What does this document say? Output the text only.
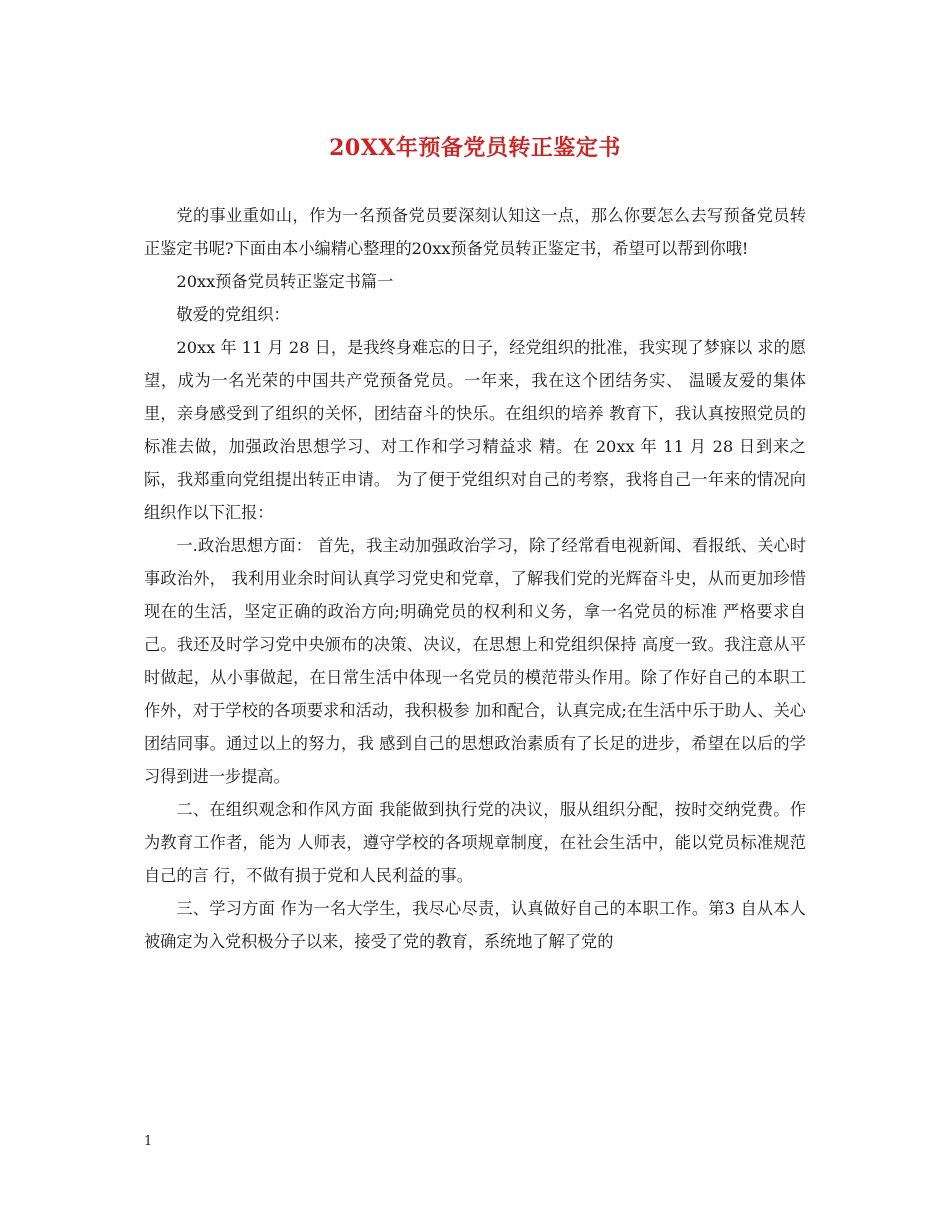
20XX年预备党员转正鉴定书

党的事业重如山，作为一名预备党员要深刻认知这一点，那么你要怎么去写预备党员转正鉴定书呢?下面由本小编精心整理的20xx预备党员转正鉴定书，希望可以帮到你哦!

20xx预备党员转正鉴定书篇一

敬爱的党组织：

20xx 年 11 月 28 日，是我终身难忘的日子，经党组织的批准，我实现了梦寐以 求的愿望，成为一名光荣的中国共产党预备党员。一年来，我在这个团结务实、 温暖友爱的集体里，亲身感受到了组织的关怀，团结奋斗的快乐。在组织的培养 教育下，我认真按照党员的标准去做，加强政治思想学习、对工作和学习精益求 精。在 20xx 年 11 月 28 日到来之际，我郑重向党组提出转正申请。 为了便于党组织对自己的考察，我将自己一年来的情况向组织作以下汇报：

一.政治思想方面： 首先，我主动加强政治学习，除了经常看电视新闻、看报纸、关心时事政治外， 我利用业余时间认真学习党史和党章，了解我们党的光辉奋斗史，从而更加珍惜 现在的生活，坚定正确的政治方向;明确党员的权利和义务，拿一名党员的标准 严格要求自己。我还及时学习党中央颁布的决策、决议，在思想上和党组织保持 高度一致。我注意从平时做起，从小事做起，在日常生活中体现一名党员的模范带头作用。除了作好自己的本职工作外，对于学校的各项要求和活动，我积极参 加和配合，认真完成;在生活中乐于助人、关心团结同事。通过以上的努力，我 感到自己的思想政治素质有了长足的进步，希望在以后的学习得到进一步提高。

二、在组织观念和作风方面 我能做到执行党的决议，服从组织分配，按时交纳党费。作为教育工作者，能为 人师表，遵守学校的各项规章制度，在社会生活中，能以党员标准规范自己的言 行，不做有损于党和人民利益的事。

三、学习方面 作为一名大学生，我尽心尽责，认真做好自己的本职工作。第3 自从本人被确定为入党积极分子以来，接受了党的教育，系统地了解了党的

1
